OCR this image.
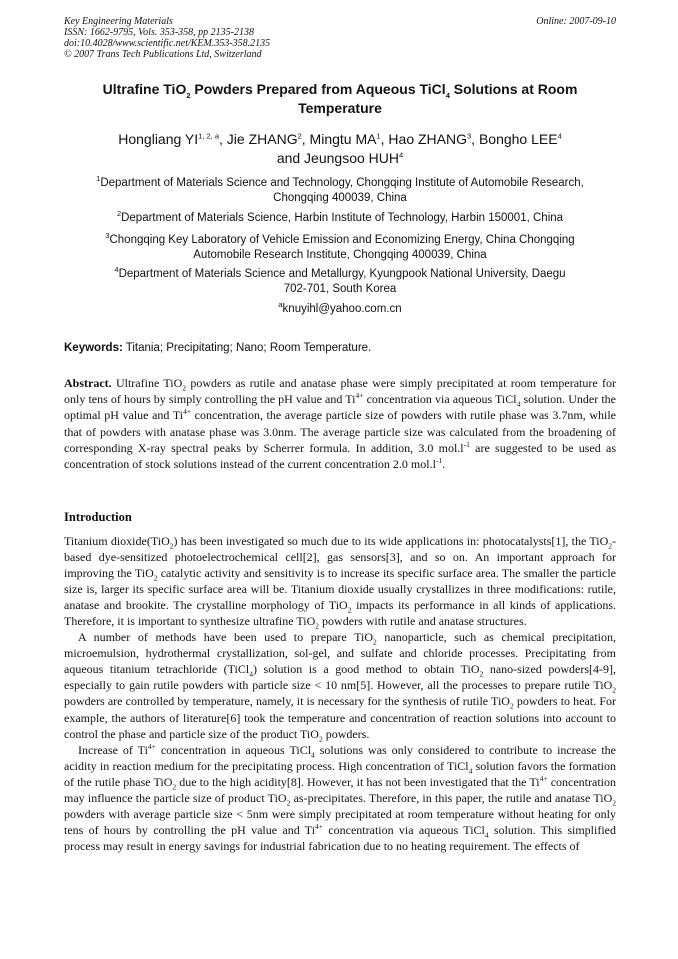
Key Engineering Materials
ISSN: 1662-9795, Vols. 353-358, pp 2135-2138
doi:10.4028/www.scientific.net/KEM.353-358.2135
© 2007 Trans Tech Publications Ltd, Switzerland
Online: 2007-09-10
Ultrafine TiO$_2$ Powders Prepared from Aqueous TiCl$_4$ Solutions at Room Temperature
Hongliang YI$^{1, 2, a}$, Jie ZHANG$^2$, Mingtu $MA^1$, Hao ZHANG$^3$, Bongho LEE$^4$
and Jeungsoo HUH$^4$
$^1$Department of Materials Science and Technology, Chongqing Institute of Automobile Research, Chongqing 400039, China
$^2$Department of Materials Science, Harbin Institute of Technology, Harbin 150001, China
$^3$Chongqing Key Laboratory of Vehicle Emission and Economizing Energy, China Chongqing Automobile Research Institute, Chongqing 400039, China
$^4$Department of Materials Science and Metallurgy, Kyungpook National University, Daegu 702-701, South Korea
$^a$knuyihl@yahoo.com.cn
Keywords: Titania; Precipitating; Nano; Room Temperature.
Abstract. Ultrafine TiO$_2$ powders as rutile and anatase phase were simply precipitated at room temperature for only tens of hours by simply controlling the pH value and $Ti^{4+}$ concentration via aqueous TiCl$_4$ solution. Under the optimal pH value and $Ti^{4+}$ concentration, the average particle size of powders with rutile phase was 3.7nm, while that of powders with anatase phase was 3.0nm. The average particle size was calculated from the broadening of corresponding X-ray spectral peaks by Scherrer formula. In addition, 3.0 $mol.l^{-1}$ are suggested to be used as concentration of stock solutions instead of the current concentration 2.0 $mol.l^{-1}$.
Introduction

Titanium dioxide(TiO$_2$) has been investigated so much due to its wide applications in: photocatalysts[1], the TiO$_2$-based dye-sensitized photoelectrochemical cell[2], gas sensors[3], and so on. An important approach for improving the TiO$_2$ catalytic activity and sensitivity is to increase its specific surface area. The smaller the particle size is, larger its specific surface area will be. Titanium dioxide usually crystallizes in three modifications: rutile, anatase and brookite. The crystalline morphology of TiO$_2$ impacts its performance in all kinds of applications. Therefore, it is important to synthesize ultrafine TiO$_2$ powders with rutile and anatase structures.

A number of methods have been used to prepare TiO$_2$ nanoparticle, such as chemical precipitation, microemulsion, hydrothermal crystallization, sol-gel, and sulfate and chloride processes. Precipitating from aqueous titanium tetrachloride (TiCl$_4$) solution is a good method to obtain TiO$_2$ nano-sized powders[4-9], especially to gain rutile powders with particle size < 10 nm[5]. However, all the processes to prepare rutile TiO$_2$ powders are controlled by temperature, namely, it is necessary for the synthesis of rutile TiO$_2$ powders to heat. For example, the authors of literature[6] took the temperature and concentration of reaction solutions into account to control the phase and particle size of the product TiO$_2$ powders.

Increase of $Ti^{4+}$ concentration in aqueous TiCl$_4$ solutions was only considered to contribute to increase the acidity in reaction medium for the precipitating process. High concentration of TiCl$_4$ solution favors the formation of the rutile phase TiO$_2$ due to the high acidity[8]. However, it has not been investigated that the $Ti^{4+}$ concentration may influence the particle size of product TiO$_2$ as-precipitates. Therefore, in this paper, the rutile and anatase TiO$_2$ powders with average particle size < 5nm were simply precipitated at room temperature without heating for only tens of hours by controlling the pH value and $Ti^{4+}$ concentration via aqueous TiCl$_4$ solution. This simplified process may result in energy savings for industrial fabrication due to no heating requirement. The effects of
